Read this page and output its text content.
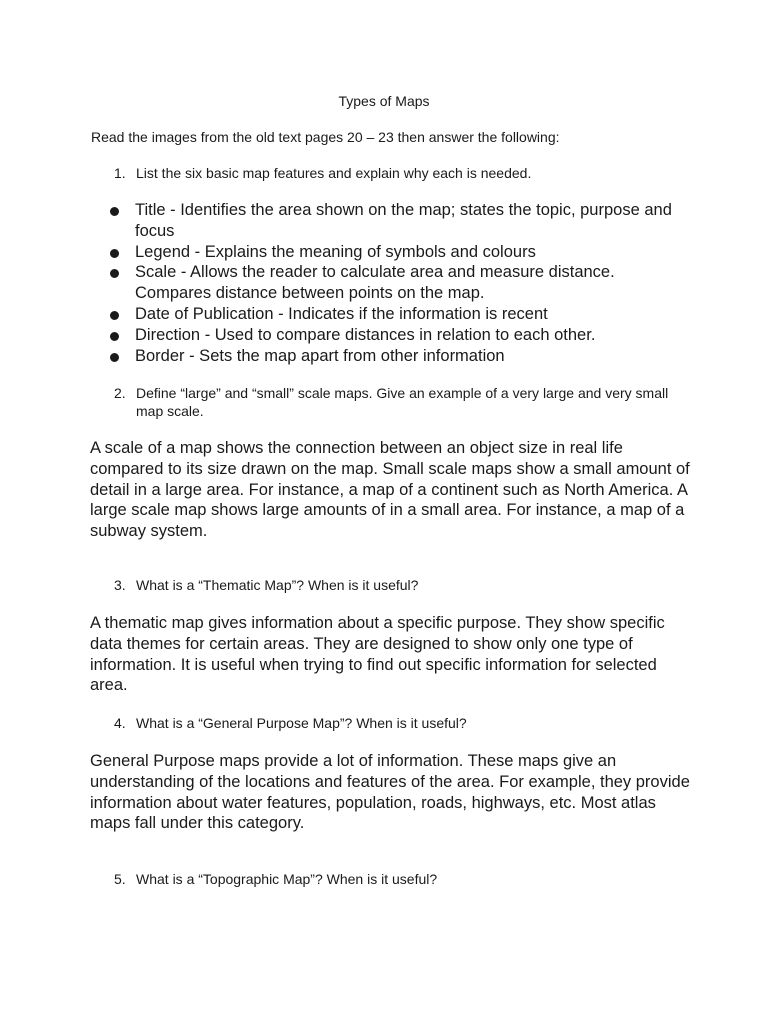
Types of Maps
Read the images from the old text pages 20 – 23 then answer the following:
1. List the six basic map features and explain why each is needed.
Title - Identifies the area shown on the map; states the topic, purpose and focus
Legend - Explains the meaning of symbols and colours
Scale - Allows the reader to calculate area and measure distance. Compares distance between points on the map.
Date of Publication - Indicates if the information is recent
Direction - Used to compare distances in relation to each other.
Border - Sets the map apart from other information
2. Define “large” and “small” scale maps. Give an example of a very large and very small map scale.

A scale of a map shows the connection between an object size in real life compared to its size drawn on the map. Small scale maps show a small amount of detail in a large area. For instance, a map of a continent such as North America. A large scale map shows large amounts of in a small area. For instance, a map of a subway system.

3. What is a “Thematic Map”? When is it useful?

A thematic map gives information about a specific purpose. They show specific data themes for certain areas. They are designed to show only one type of information. It is useful when trying to find out specific information for selected area.

4. What is a “General Purpose Map”? When is it useful?

General Purpose maps provide a lot of information. These maps give an understanding of the locations and features of the area. For example, they provide information about water features, population, roads, highways, etc. Most atlas maps fall under this category.

5. What is a “Topographic Map”? When is it useful?
